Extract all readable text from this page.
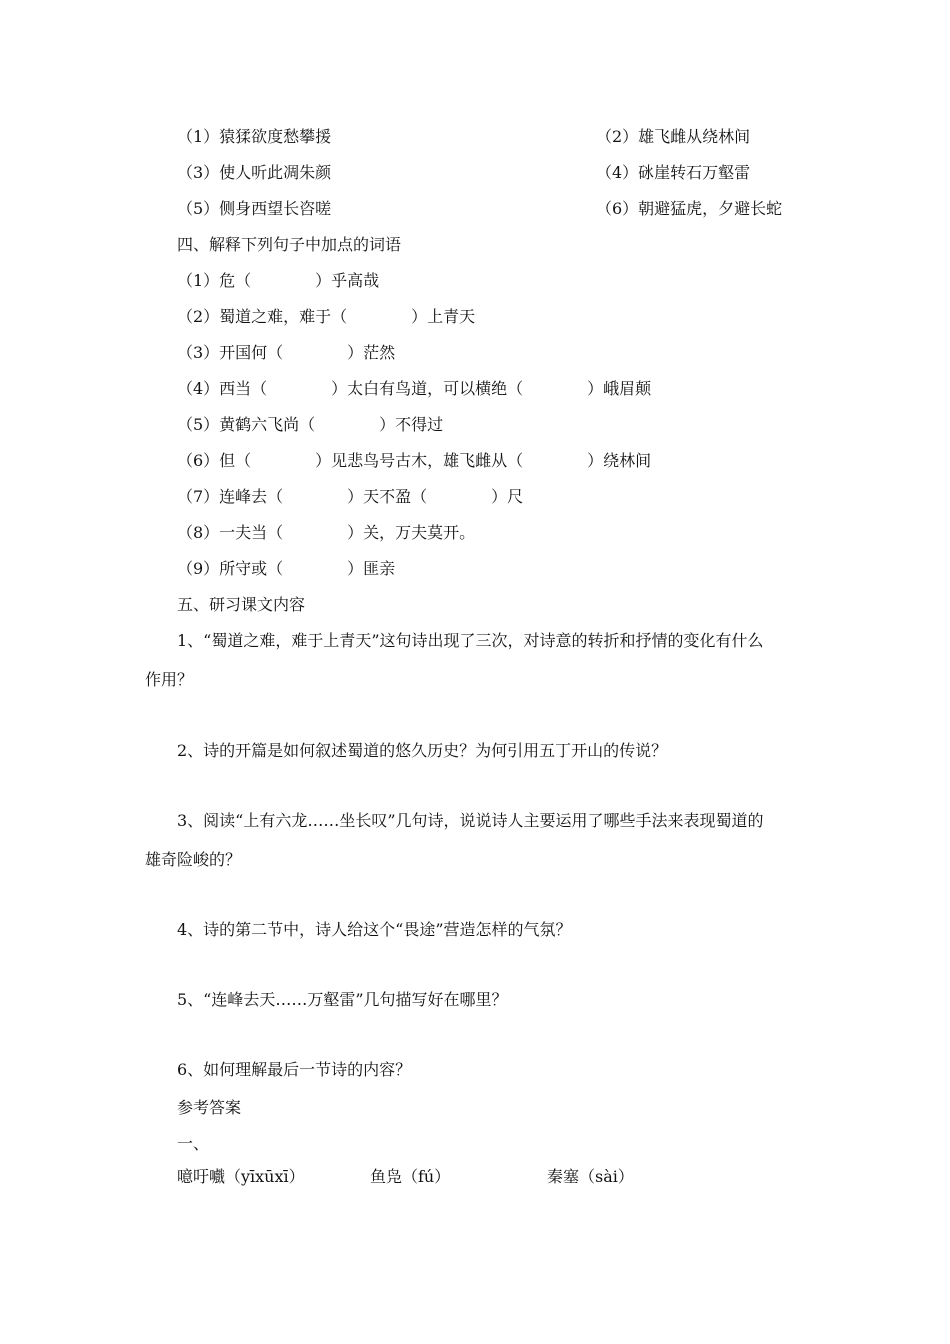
（1）猿猱欲度愁攀援	（2）雄飞雌从绕林间
（3）使人听此凋朱颜	（4）砯崖转石万壑雷
（5）侧身西望长咨嗟	（6）朝避猛虎，夕避长蛇
四、解释下列句子中加点的词语
（1）危（　　　　）乎高哉
（2）蜀道之难，难于（　　　　）上青天
（3）开国何（　　　　）茫然
（4）西当（　　　　）太白有鸟道，可以横绝（　　　　）峨眉颠
（5）黄鹤六飞尚（　　　　）不得过
（6）但（　　　　）见悲鸟号古木，雄飞雌从（　　　　）绕林间
（7）连峰去（　　　　）天不盈（　　　　）尺
（8）一夫当（　　　　）关，万夫莫开。
（9）所守或（　　　　）匪亲
五、研习课文内容
1、“蜀道之难，难于上青天”这句诗出现了三次，对诗意的转折和抒情的变化有什么
作用？
2、诗的开篇是如何叙述蜀道的悠久历史？为何引用五丁开山的传说？
3、阅读“上有六龙……坐长叹”几句诗，说说诗人主要运用了哪些手法来表现蜀道的
雄奇险峻的？
4、诗的第二节中，诗人给这个“畏途”营造怎样的气氛？
5、“连峰去天……万壑雷”几句描写好在哪里？
6、如何理解最后一节诗的内容？
参考答案
一、
噫吁嚱（yīxūxī）	鱼凫（fú）	秦塞（sài）
